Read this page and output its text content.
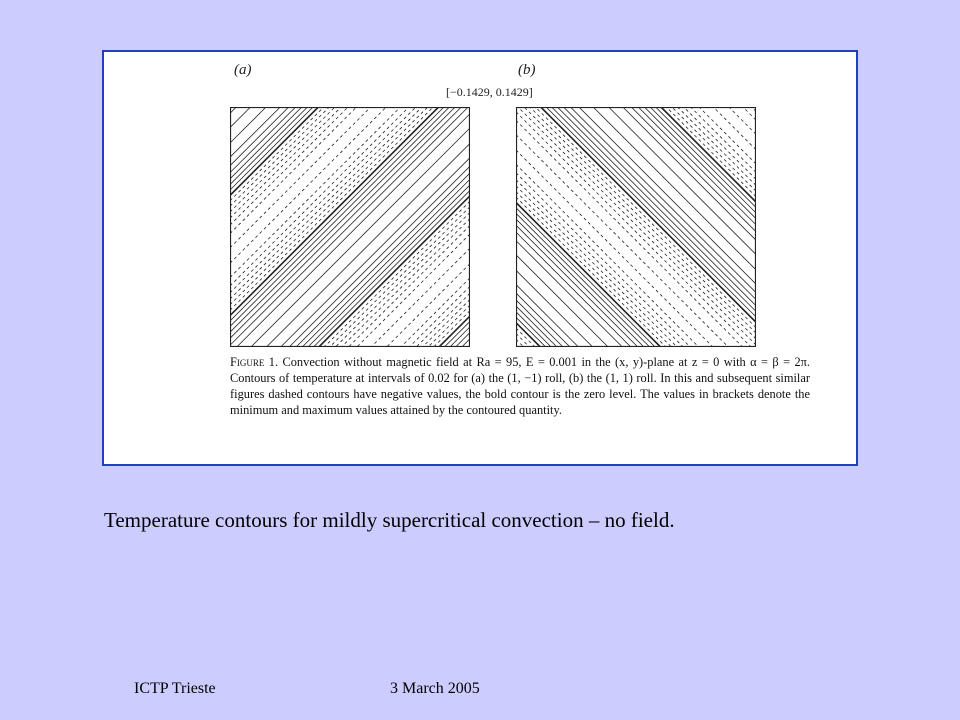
(a)	(b)
[−0.1429, 0.1429]
Figure 1. Convection without magnetic field at Ra = 95, E = 0.001 in the (x, y)-plane at z = 0 with α = β = 2π. Contours of temperature at intervals of 0.02 for (a) the (1, −1) roll, (b) the (1, 1) roll. In this and subsequent similar figures dashed contours have negative values, the bold contour is the zero level. The values in brackets denote the minimum and maximum values attained by the contoured quantity.
Temperature contours for mildly supercritical convection – no field.
ICTP Trieste	3 March 2005
